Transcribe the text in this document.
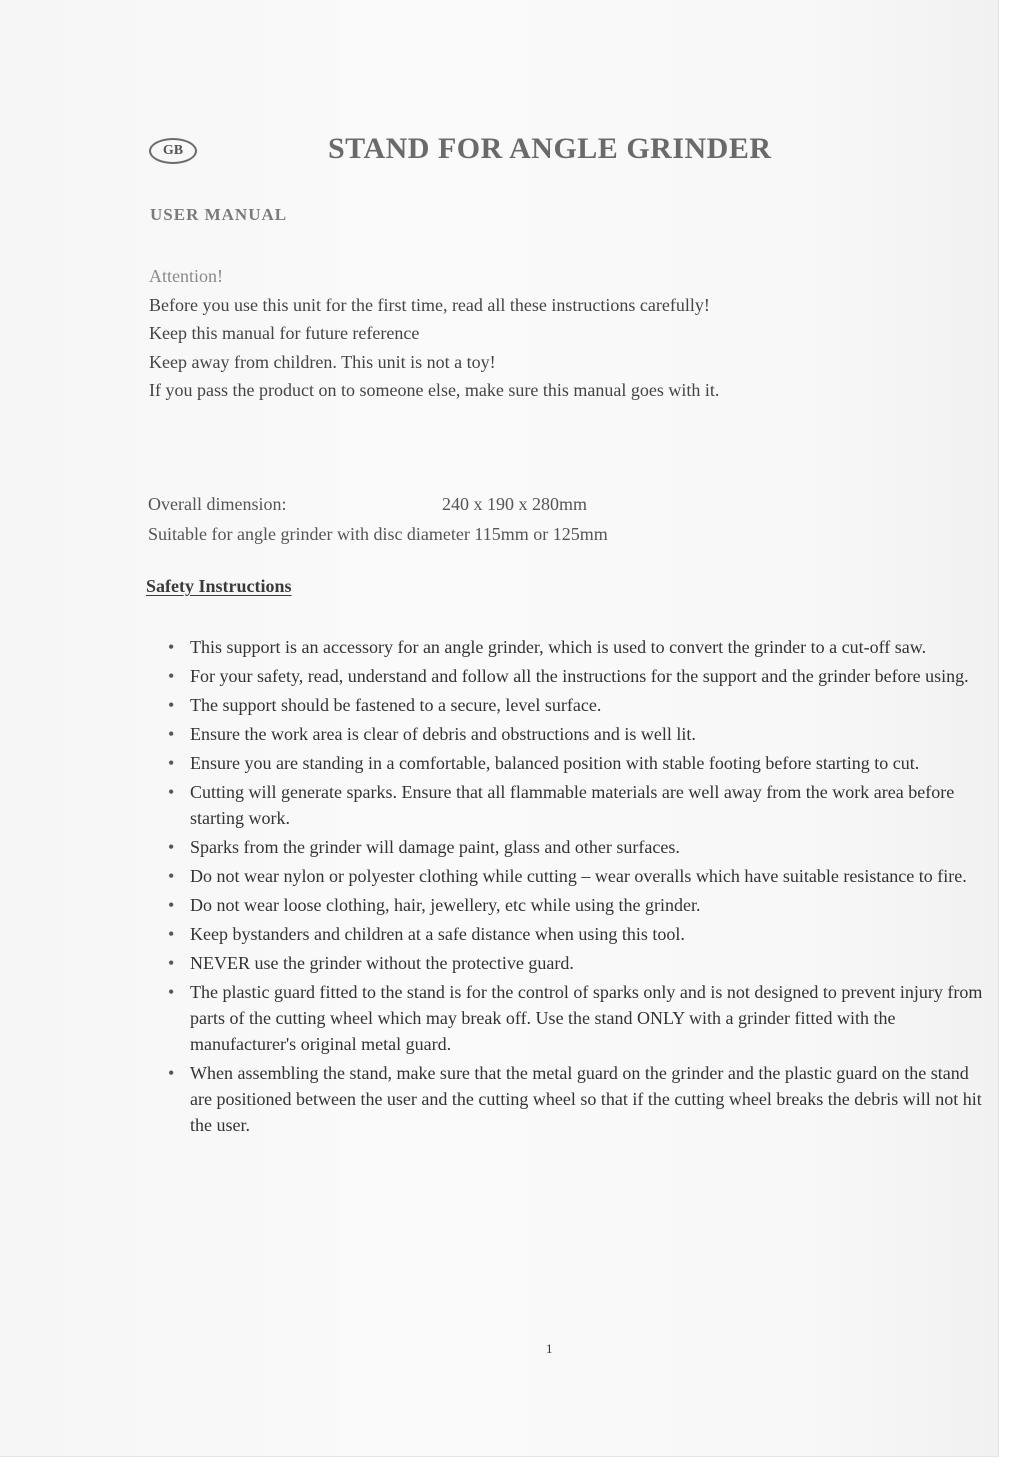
GB	STAND FOR ANGLE GRINDER
USER MANUAL
Attention!
Before you use this unit for the first time, read all these instructions carefully!
Keep this manual for future reference
Keep away from children. This unit is not a toy!
If you pass the product on to someone else, make sure this manual goes with it.
Overall dimension:	240 x 190 x 280mm
Suitable for angle grinder with disc diameter 115mm or 125mm
Safety Instructions
• This support is an accessory for an angle grinder, which is used to convert the grinder to a cut-off saw.
• For your safety, read, understand and follow all the instructions for the support and the grinder before using.
• The support should be fastened to a secure, level surface.
• Ensure the work area is clear of debris and obstructions and is well lit.
• Ensure you are standing in a comfortable, balanced position with stable footing before starting to cut.
• Cutting will generate sparks. Ensure that all flammable materials are well away from the work area before starting work.
• Sparks from the grinder will damage paint, glass and other surfaces.
• Do not wear nylon or polyester clothing while cutting – wear overalls which have suitable resistance to fire.
• Do not wear loose clothing, hair, jewellery, etc while using the grinder.
• Keep bystanders and children at a safe distance when using this tool.
• NEVER use the grinder without the protective guard.
• The plastic guard fitted to the stand is for the control of sparks only and is not designed to prevent injury from parts of the cutting wheel which may break off. Use the stand ONLY with a grinder fitted with the manufacturer's original metal guard.
• When assembling the stand, make sure that the metal guard on the grinder and the plastic guard on the stand are positioned between the user and the cutting wheel so that if the cutting wheel breaks the debris will not hit the user.
1
